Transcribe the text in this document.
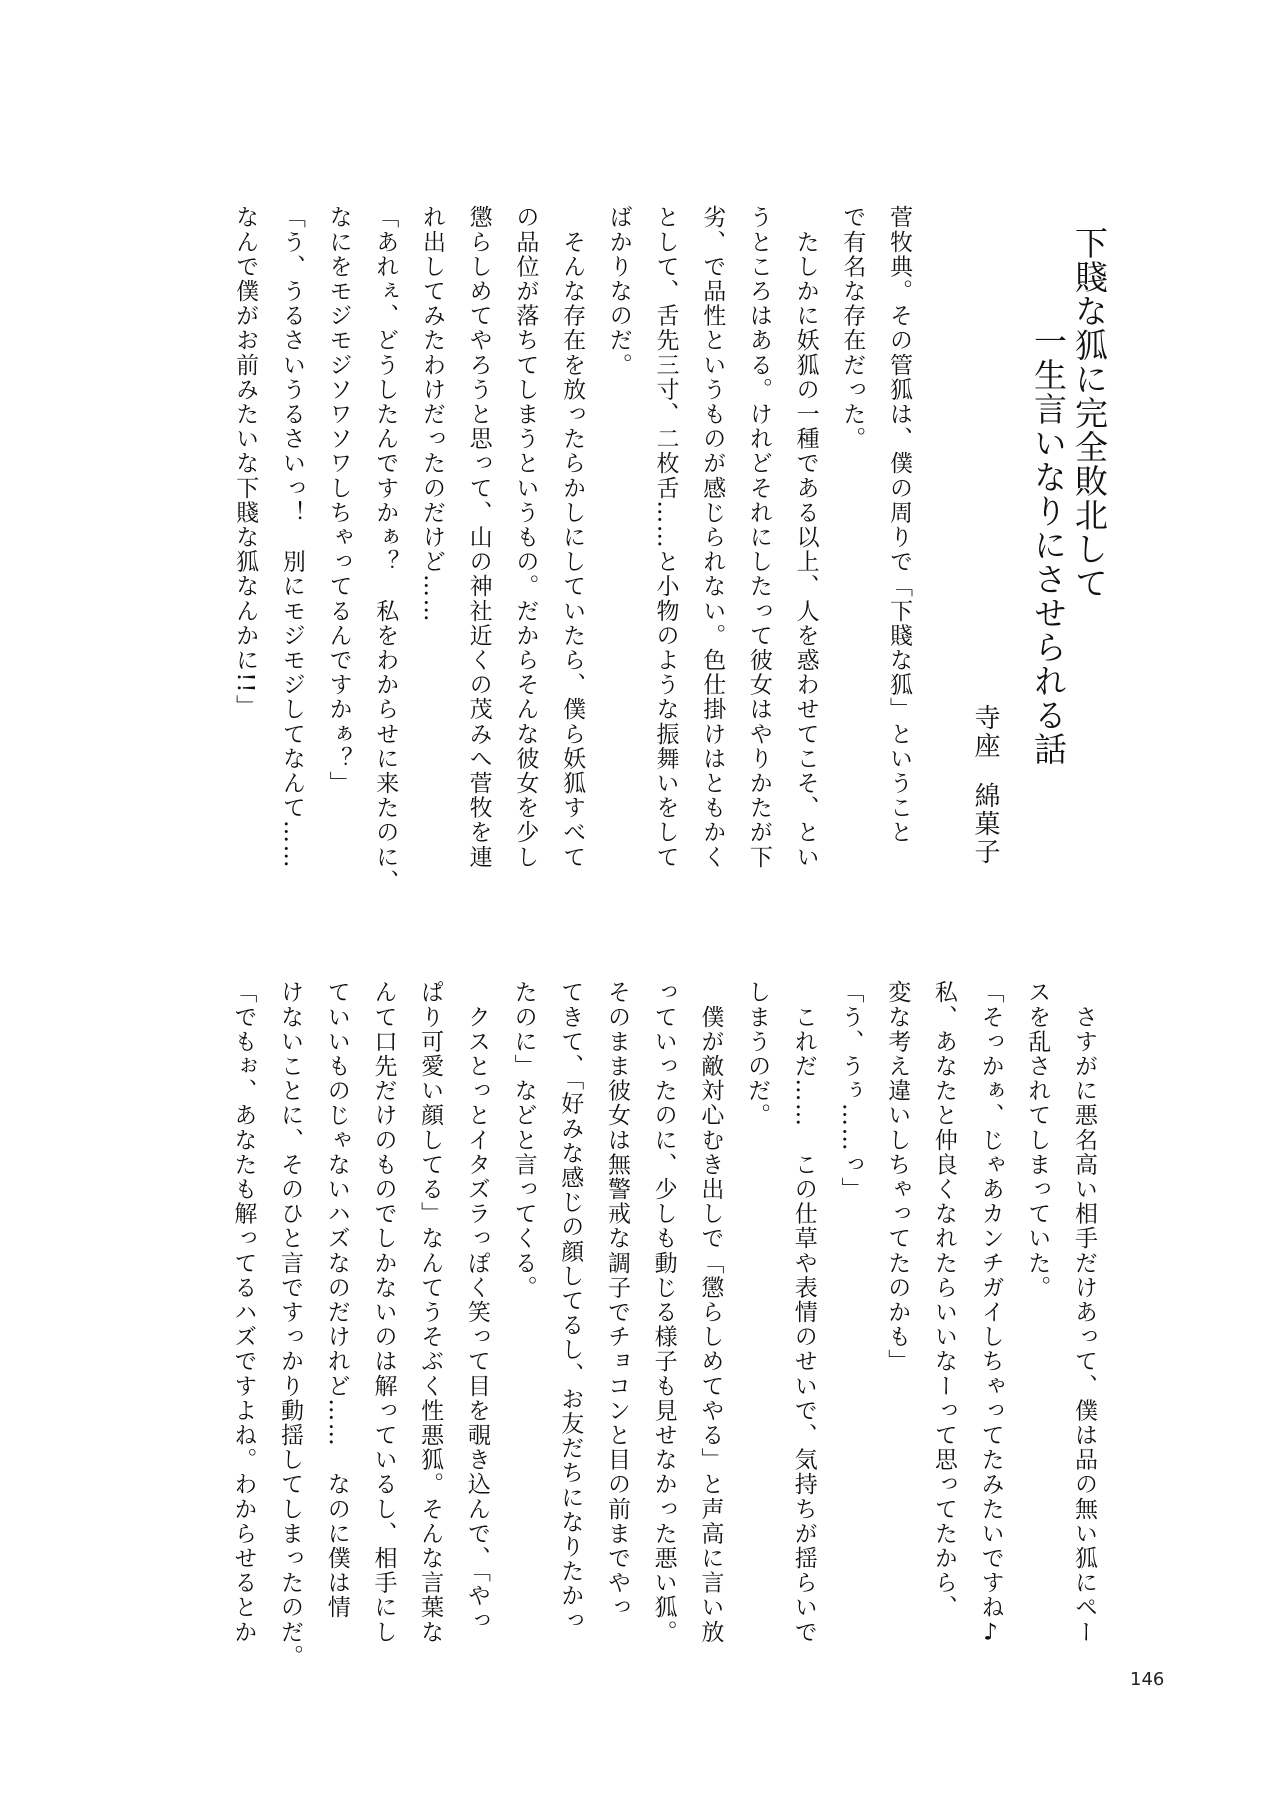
下賤な狐に完全敗北して
一生言いなりにさせられる話
寺座綿菓子
菅牧典。その管狐は、僕の周りで「下賤な狐」ということ
で有名な存在だった。
　たしかに妖狐の一種である以上、人を惑わせてこそ、とい
うところはある。けれどそれにしたって彼女はやりかたが下
劣、で品性というものが感じられない。色仕掛けはともかく
として、舌先三寸、二枚舌……と小物のような振舞いをして
ばかりなのだ。
　そんな存在を放ったらかしにしていたら、僕ら妖狐すべて
の品位が落ちてしまうというもの。だからそんな彼女を少し
懲らしめてやろうと思って、山の神社近くの茂みへ菅牧を連
れ出してみたわけだったのだけど……
「あれぇ、どうしたんですかぁ？　私をわからせに来たのに、
なにをモジモジソワソワしちゃってるんですかぁ？」
「う、うるさいうるさいっ！　別にモジモジしてなんて……
なんで僕がお前みたいな下賤な狐なんかに!!」
　さすがに悪名高い相手だけあって、僕は品の無い狐にペー
スを乱されてしまっていた。
「そっかぁ、じゃあカンチガイしちゃってたみたいですね♪
私、あなたと仲良くなれたらいいなーって思ってたから、
変な考え違いしちゃってたのかも」
「う、うぅ……っ」
　これだ……　この仕草や表情のせいで、気持ちが揺らいで
しまうのだ。
　僕が敵対心むき出しで「懲らしめてやる」と声高に言い放
っていったのに、少しも動じる様子も見せなかった悪い狐。
そのまま彼女は無警戒な調子でチョコンと目の前までやっ
てきて、「好みな感じの顔してるし、お友だちになりたかっ
たのに」などと言ってくる。
　クスとっとイタズラっぽく笑って目を覗き込んで、「やっ
ぱり可愛い顔してる」なんてうそぶく性悪狐。そんな言葉な
んて口先だけのものでしかないのは解っているし、相手にし
ていいものじゃないハズなのだけれど……　なのに僕は情
けないことに、そのひと言ですっかり動揺してしまったのだ。
「でもぉ、あなたも解ってるハズですよね。わからせるとか
146
